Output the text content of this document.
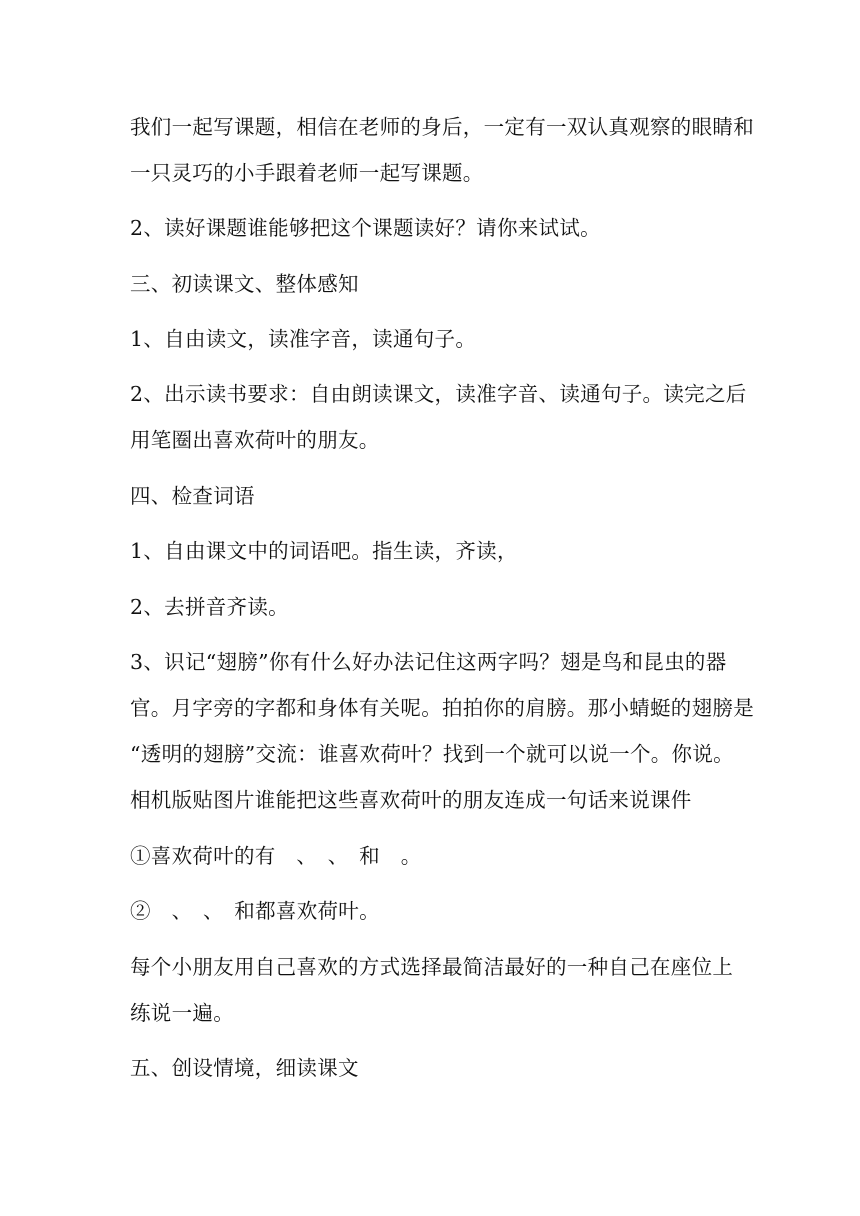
我们一起写课题，相信在老师的身后，一定有一双认真观察的眼睛和
一只灵巧的小手跟着老师一起写课题。
2、读好课题谁能够把这个课题读好？请你来试试。
三、初读课文、整体感知
1、自由读文，读准字音，读通句子。
2、出示读书要求：自由朗读课文，读准字音、读通句子。读完之后
用笔圈出喜欢荷叶的朋友。
四、检查词语
1、自由课文中的词语吧。指生读，齐读，
2、去拼音齐读。
3、识记“翅膀”你有什么好办法记住这两字吗？翅是鸟和昆虫的器
官。月字旁的字都和身体有关呢。拍拍你的肩膀。那小蜻蜓的翅膀是
“透明的翅膀”交流：谁喜欢荷叶？找到一个就可以说一个。你说。
相机版贴图片谁能把这些喜欢荷叶的朋友连成一句话来说课件
①喜欢荷叶的有　、　、　和　。
②　、　、　和都喜欢荷叶。
每个小朋友用自己喜欢的方式选择最简洁最好的一种自己在座位上
练说一遍。
五、创设情境，细读课文
